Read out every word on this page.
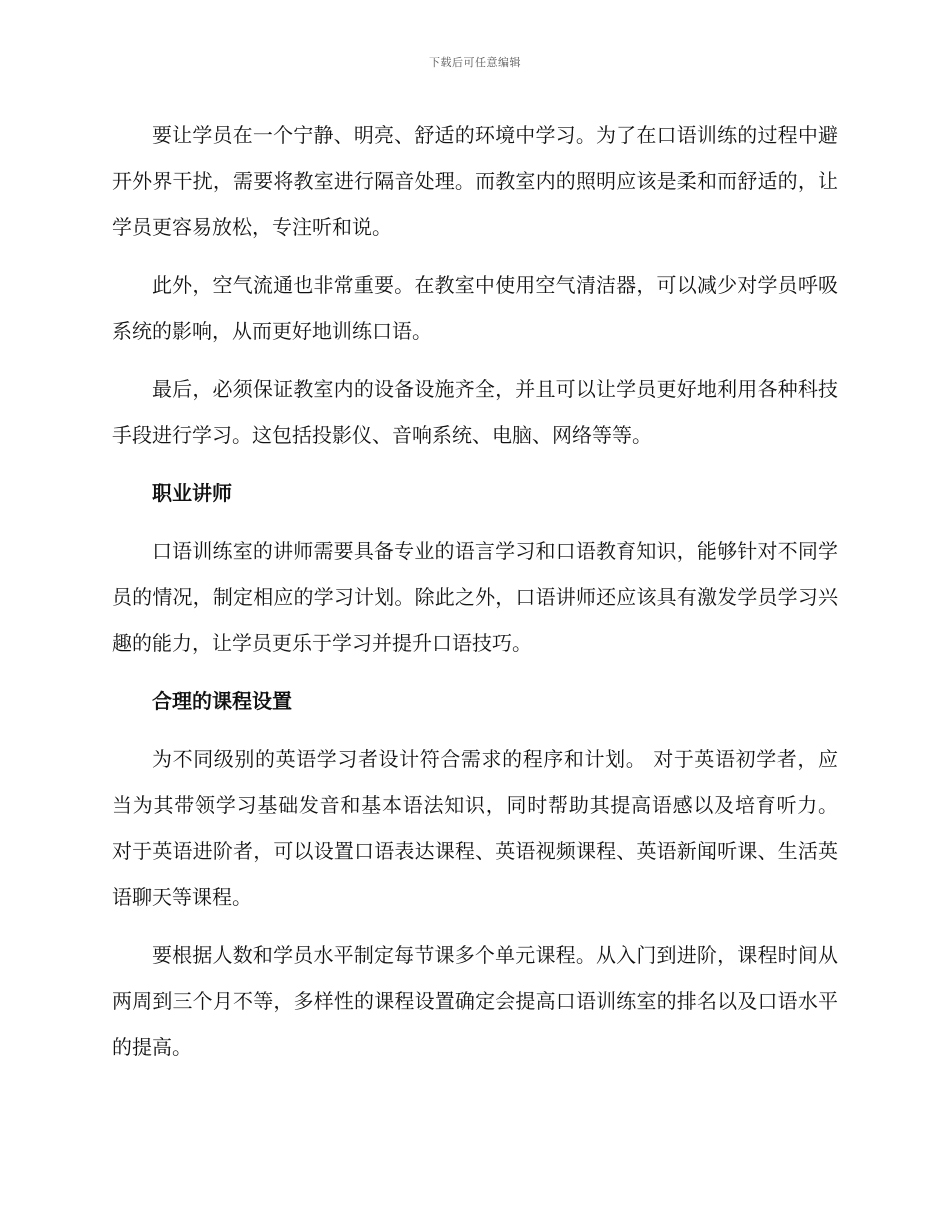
下载后可任意编辑

要让学员在一个宁静、明亮、舒适的环境中学习。为了在口语训练的过程中避开外界干扰，需要将教室进行隔音处理。而教室内的照明应该是柔和而舒适的，让学员更容易放松，专注听和说。

此外，空气流通也非常重要。在教室中使用空气清洁器，可以减少对学员呼吸系统的影响，从而更好地训练口语。

最后，必须保证教室内的设备设施齐全，并且可以让学员更好地利用各种科技手段进行学习。这包括投影仪、音响系统、电脑、网络等等。

职业讲师

口语训练室的讲师需要具备专业的语言学习和口语教育知识，能够针对不同学员的情况，制定相应的学习计划。除此之外，口语讲师还应该具有激发学员学习兴趣的能力，让学员更乐于学习并提升口语技巧。

合理的课程设置

为不同级别的英语学习者设计符合需求的程序和计划。 对于英语初学者，应当为其带领学习基础发音和基本语法知识，同时帮助其提高语感以及培育听力。 对于英语进阶者，可以设置口语表达课程、英语视频课程、英语新闻听课、生活英语聊天等课程。

要根据人数和学员水平制定每节课多个单元课程。从入门到进阶，课程时间从两周到三个月不等，多样性的课程设置确定会提高口语训练室的排名以及口语水平的提高。
